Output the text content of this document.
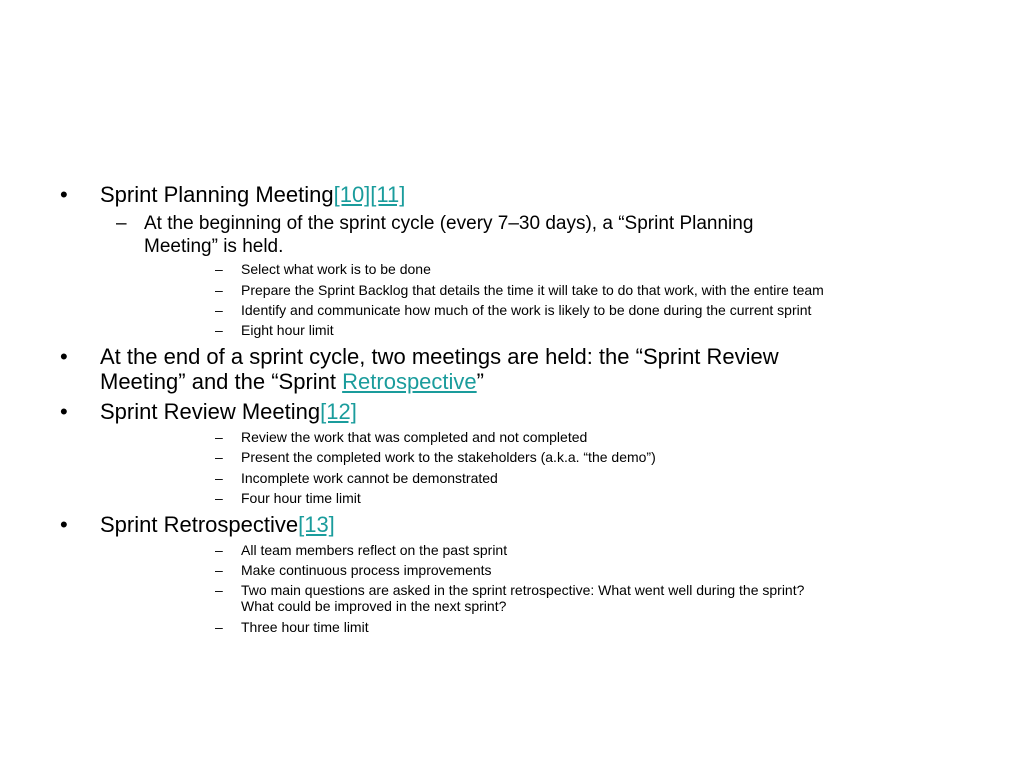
• Sprint Planning Meeting[10][11]
– At the beginning of the sprint cycle (every 7–30 days), a “Sprint Planning
Meeting” is held.
– Select what work is to be done
– Prepare the Sprint Backlog that details the time it will take to do that work, with the entire team
– Identify and communicate how much of the work is likely to be done during the current sprint
– Eight hour limit
• At the end of a sprint cycle, two meetings are held: the “Sprint Review
Meeting” and the “Sprint Retrospective”
• Sprint Review Meeting[12]
– Review the work that was completed and not completed
– Present the completed work to the stakeholders (a.k.a. “the demo”)
– Incomplete work cannot be demonstrated
– Four hour time limit
• Sprint Retrospective[13]
– All team members reflect on the past sprint
– Make continuous process improvements
– Two main questions are asked in the sprint retrospective: What went well during the sprint?
What could be improved in the next sprint?
– Three hour time limit
